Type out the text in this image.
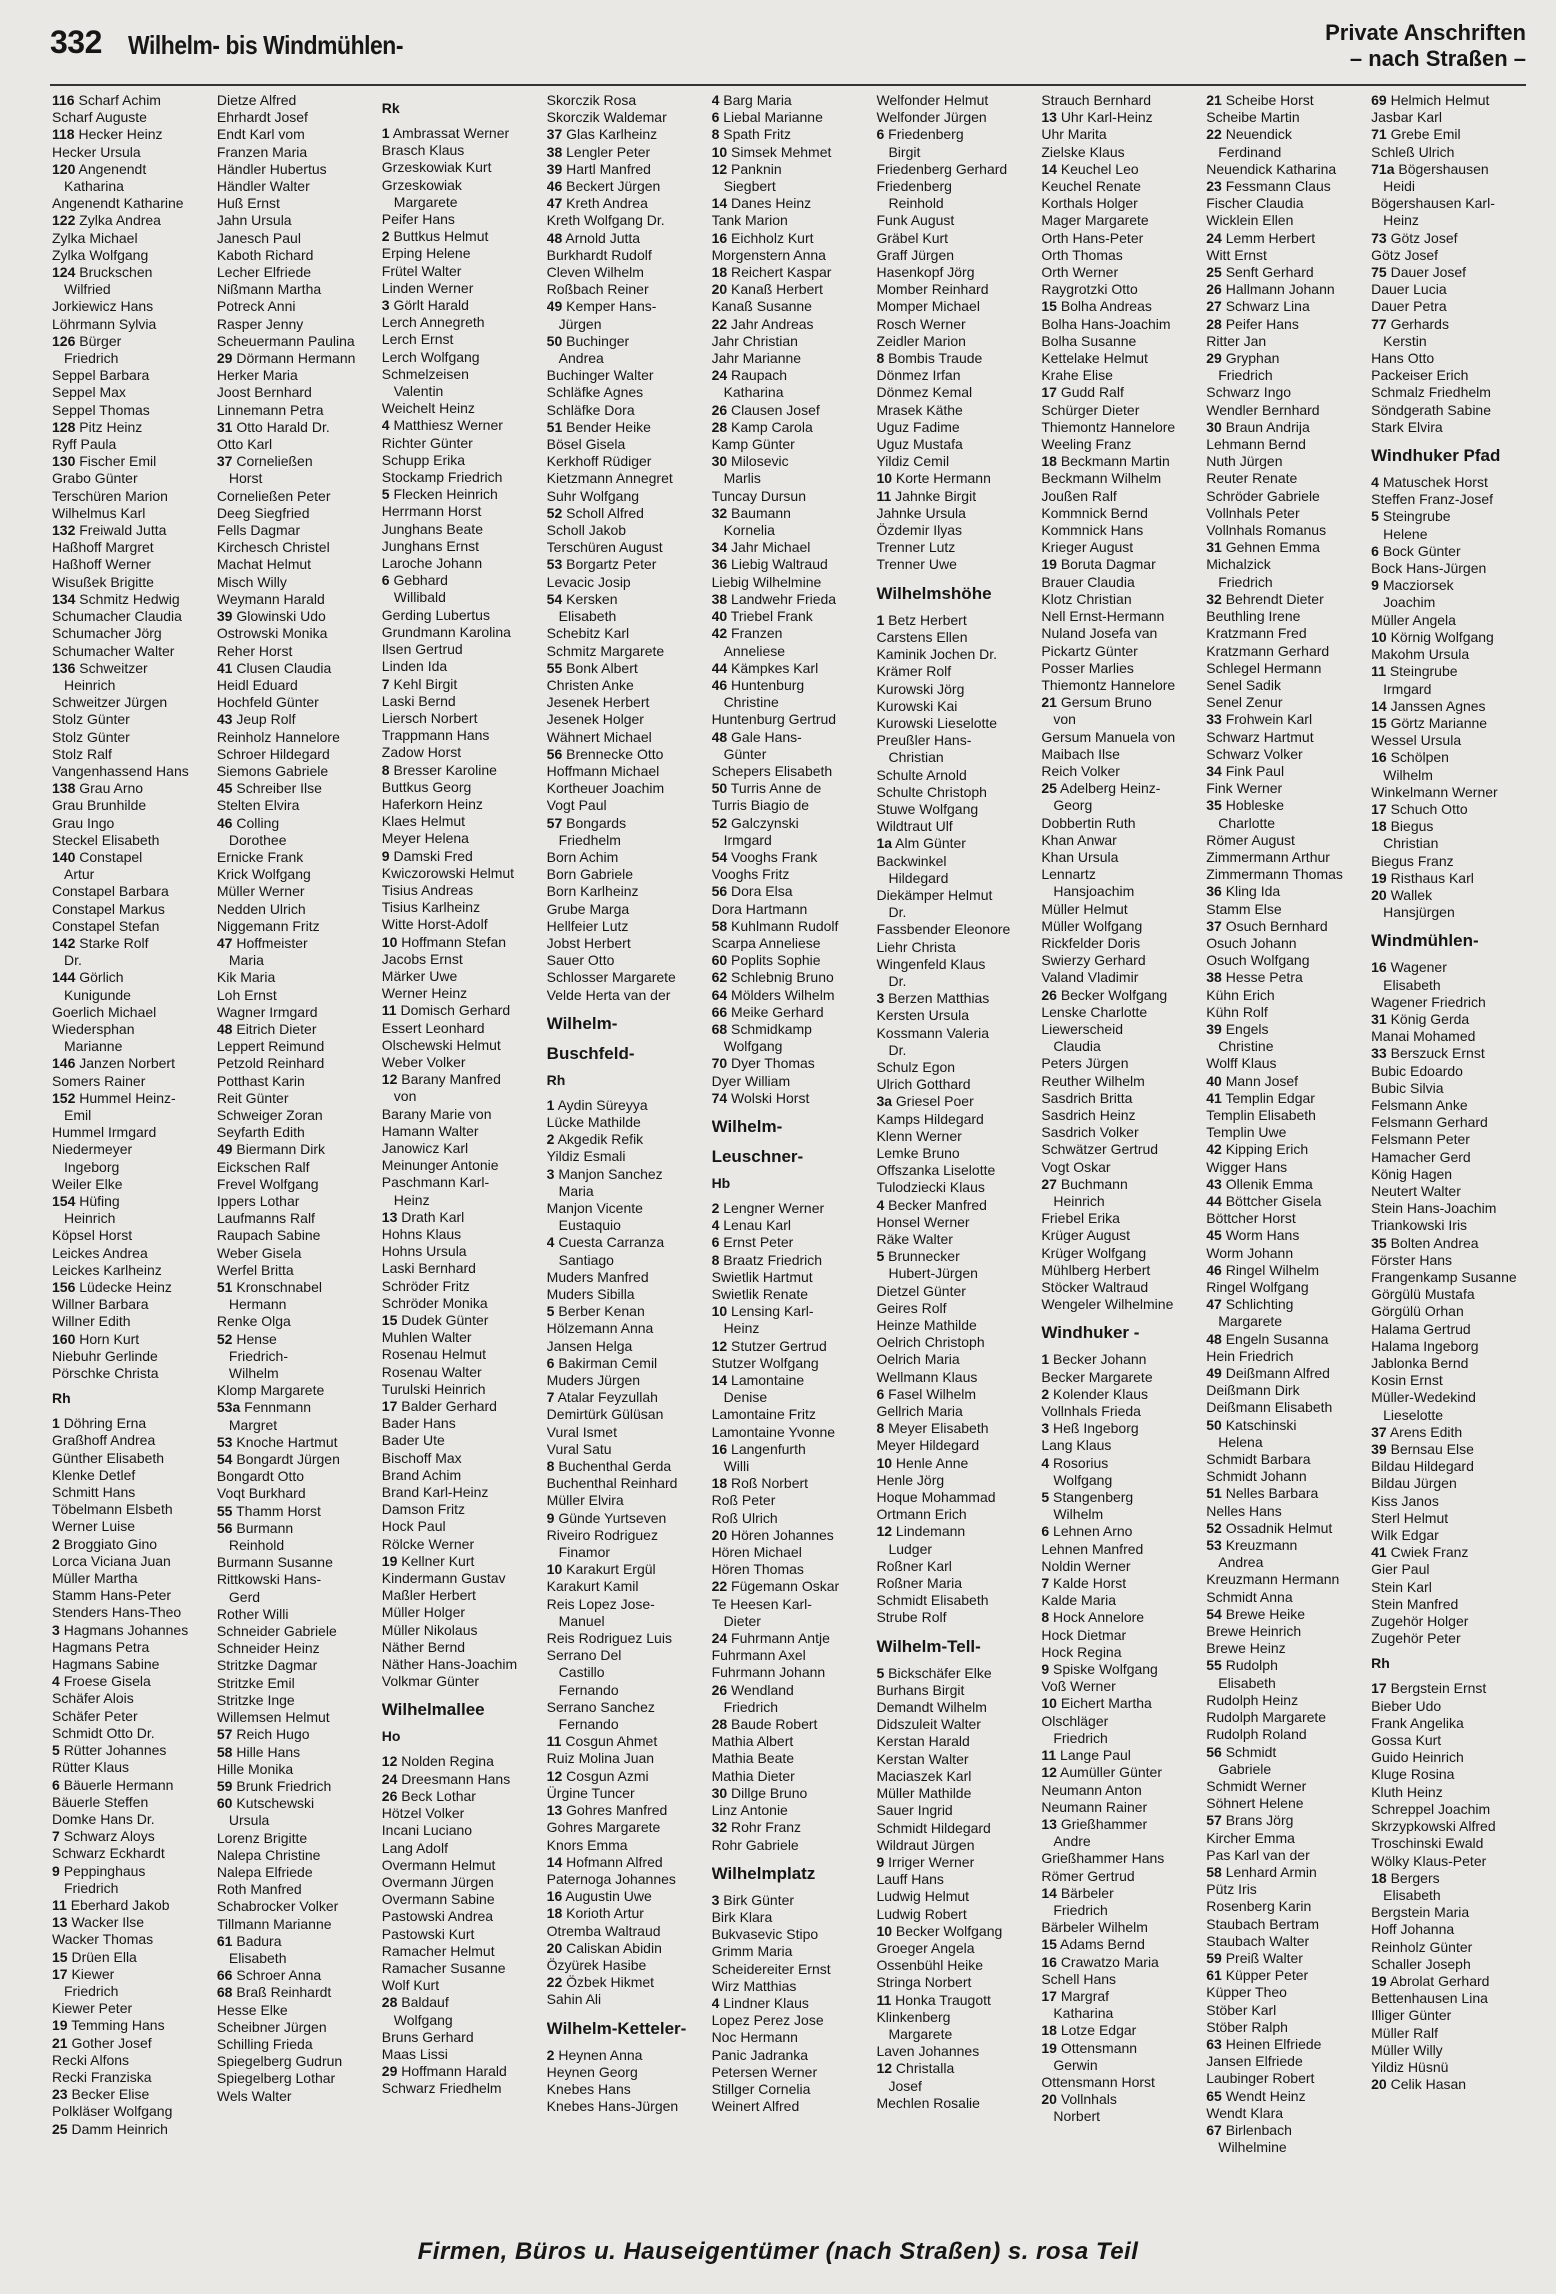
332 Wilhelm- bis Windmühlen-	Private Anschriften
– nach Straßen –
116 Scharf Achim
Scharf Auguste
118 Hecker Heinz
Hecker Ursula
120 Angenendt
Katharina
Angenendt Katharine
122 Zylka Andrea
Zylka Michael
Zylka Wolfgang
124 Brucksch​en
Wilfried
Jorkiewicz Hans
Löhrmann Sylvia
126 Bürger
Friedrich
Seppel Barbara
Seppel Max
Seppel Thomas
128 Pitz Heinz
Ryff Paula
130 Fischer Emil
Grabo Günter
Terschüren Marion
Wilhelmus Karl
132 Freiwald Jutta
Haßhoff Margret
Haßhoff Werner
Wisußek Brigitte
134 Schmitz Hedwig
Schumacher Claudia
Schumacher Jörg
Schumacher Walter
136 Schweitzer
Heinrich
Schweitzer Jürgen
Stolz Günter
Stolz Günter
Stolz Ralf
Vangenhassend Hans
138 Grau Arno
Grau Brunhilde
Grau Ingo
Steckel Elisabeth
140 Constapel
Artur
Constapel Barbara
Constapel Markus
Constapel Stefan
142 Starke Rolf
Dr.
144 Görlich
Kunigunde
Goerlich Michael
Wiedersphan
Marianne
146 Janzen Norbert
Somers Rainer
152 Hummel Heinz-
Emil
Hummel Irmgard
Niedermeyer
Ingeborg
Weiler Elke
154 Hüfing
Heinrich
Köpsel Horst
Leickes Andrea
Leickes Karlheinz
156 Lüdecke Heinz
Willner Barbara
Willner Edith
160 Horn Kurt
Niebuhr Gerlinde
Pörschke Christa
Rh
1 Döhring Erna
Graßhoff Andrea
Günther Elisabeth
Klenke Detlef
Schmitt Hans
Töbelmann Elsbeth
Werner Luise
2 Broggiato Gino
Lorca Viciana Juan
Müller Martha
Stamm Hans-Peter
Stenders Hans-Theo
3 Hagmans Johannes
Hagmans Petra
Hagmans Sabine
4 Froese Gisela
Schäfer Alois
Schäfer Peter
Schmidt Otto Dr.
5 Rütter Johannes
Rütter Klaus
6 Bäuerle Hermann
Bäuerle Steffen
Domke Hans Dr.
7 Schwarz Aloys
Schwarz Eckhardt
9 Peppinghaus
Friedrich
11 Eberhard Jakob
13 Wacker Ilse
Wacker Thomas
15 Drüen Ella
17 Kiewer
Friedrich
Kiewer Peter
19 Temming Hans
21 Gother Josef
Recki Alfons
Recki Franziska
23 Becker Elise
Polkläser Wolfgang
25 Damm Heinrich
Dietze Alfred
Ehrhardt Josef
Endt Karl vom
Franzen Maria
Händler Hubertus
Händler Walter
Huß Ernst
Jahn Ursula
Janesch Paul
Kaboth Richard
Lecher Elfriede
Nißmann Martha
Potreck Anni
Rasper Jenny
Scheuermann Paulina
29 Dörmann Hermann
Herker Maria
Joost Bernhard
Linnemann Petra
31 Otto Harald Dr.
Otto Karl
37 Corneließen
Horst
Corneließen Peter
Deeg Siegfried
Fells Dagmar
Kirchesch Christel
Machat Helmut
Misch Willy
Weymann Harald
39 Glowinski Udo
Ostrowski Monika
Reher Horst
41 Clusen Claudia
Heidl Eduard
Hochfeld Günter
43 Jeup Rolf
Reinholz Hannelore
Schroer Hildegard
Siemons Gabriele
45 Schreiber Ilse
Stelten Elvira
46 Colling
Dorothee
Ernicke Frank
Krick Wolfgang
Müller Werner
Nedden Ulrich
Niggemann Fritz
47 Hoffmeister
Maria
Kik Maria
Loh Ernst
Wagner Irmgard
48 Eitrich Dieter
Leppert Reimund
Petzold Reinhard
Potthast Karin
Reit Günter
Schweiger Zoran
Seyfarth Edith
49 Biermann Dirk
Eickschen Ralf
Frevel Wolfgang
Ippers Lothar
Laufmanns Ralf
Raupach Sabine
Weber Gisela
Werfel Britta
51 Kronschnabel
Hermann
Renke Olga
52 Hense
Friedrich-
Wilhelm
Klomp Margarete
53a Fennmann
Margret
53 Knoche Hartmut
54 Bongardt Jürgen
Bongardt Otto
Voqt Burkhard
55 Thamm Horst
56 Burmann
Reinhold
Burmann Susanne
Rittkowski Hans-
Gerd
Rother Willi
Schneider Gabriele
Schneider Heinz
Stritzke Dagmar
Stritzke Emil
Stritzke Inge
Willemsen Helmut
57 Reich Hugo
58 Hille Hans
Hille Monika
59 Brunk Friedrich
60 Kutschewski
Ursula
Lorenz Brigitte
Nalepa Christine
Nalepa Elfriede
Roth Manfred
Schabrocker Volker
Tillmann Marianne
61 Badura
Elisabeth
66 Schroer Anna
68 Braß Reinhardt
Hesse Elke
Scheibner Jürgen
Schilling Frieda
Spiegelberg Gudrun
Spiegelberg Lothar
Wels Walter
Rk
1 Ambrassat Werner
Brasch Klaus
Grzeskowiak Kurt
Grzeskowiak
Margarete
Peifer Hans
2 Buttkus Helmut
Erping Helene
Frütel Walter
Linden Werner
3 Görlt Harald
Lerch Annegreth
Lerch Ernst
Lerch Wolfgang
Schmelzeisen
Valentin
Weichelt Heinz
4 Matthiesz Werner
Richter Günter
Schupp Erika
Stockamp Friedrich
5 Flecken Heinrich
Herrmann Horst
Junghans Beate
Junghans Ernst
Laroche Johann
6 Gebhard
Willibald
Gerding Lubertus
Grundmann Karolina
Ilsen Gertrud
Linden Ida
7 Kehl Birgit
Laski Bernd
Liersch Norbert
Trappmann Hans
Zadow Horst
8 Bresser Karoline
Buttkus Georg
Haferkorn Heinz
Klaes Helmut
Meyer Helena
9 Damski Fred
Kwiczorowski Helmut
Tisius Andreas
Tisius Karlheinz
Witte Horst-Adolf
10 Hoffmann Stefan
Jacobs Ernst
Märker Uwe
Werner Heinz
11 Domisch Gerhard
Essert Leonhard
Olschewski Helmut
Weber Volker
12 Barany Manfred
von
Barany Marie von
Hamann Walter
Janowicz Karl
Meinunger Antonie
Paschmann Karl-
Heinz
13 Drath Karl
Hohns Klaus
Hohns Ursula
Laski Bernhard
Schröder Fritz
Schröder Monika
15 Dudek Günter
Muhlen Walter
Rosenau Helmut
Rosenau Walter
Turulski Heinrich
17 Balder Gerhard
Bader Hans
Bader Ute
Bischoff Max
Brand Achim
Brand Karl-Heinz
Damson Fritz
Hock Paul
Rölcke Werner
19 Kellner Kurt
Kindermann Gustav
Maßler Herbert
Müller Holger
Müller Nikolaus
Näther Bernd
Näther Hans-Joachim
Volkmar Günter
Wilhelmallee
Ho
12 Nolden Regina
24 Dreesmann Hans
26 Beck Lothar
Hötzel Volker
Incani Luciano
Lang Adolf
Overmann Helmut
Overmann Jürgen
Overmann Sabine
Pastowski Andrea
Pastowski Kurt
Ramacher Helmut
Ramacher Susanne
Wolf Kurt
28 Baldauf
Wolfgang
Bruns Gerhard
Maas Lissi
29 Hoffmann Harald
Schwarz Friedhelm
Skorczik Rosa
Skorczik Waldemar
37 Glas Karlheinz
38 Lengler Peter
39 Hartl Manfred
46 Beckert Jürgen
47 Kreth Andrea
Kreth Wolfgang Dr.
48 Arnold Jutta
Burkhardt Rudolf
Cleven Wilhelm
Roßbach Reiner
49 Kemper Hans-
Jürgen
50 Buchinger
Andrea
Buchinger Walter
Schläfke Agnes
Schläfke Dora
51 Bender Heike
Bösel Gisela
Kerkhoff Rüdiger
Kietzmann Annegret
Suhr Wolfgang
52 Scholl Alfred
Scholl Jakob
Terschüren August
53 Borgartz Peter
Levacic Josip
54 Kersken
Elisabeth
Schebitz Karl
Schmitz Margarete
55 Bonk Albert
Christen Anke
Jesenek Herbert
Jesenek Holger
Wähnert Michael
56 Brennecke Otto
Hoffmann Michael
Kortheuer Joachim
Vogt Paul
57 Bongards
Friedhelm
Born Achim
Born Gabriele
Born Karlheinz
Grube Marga
Hellfeier Lutz
Jobst Herbert
Sauer Otto
Schlosser Margarete
Velde Herta van der
Wilhelm-
Buschfeld-
Rh
1 Aydin Süreyya
Lücke Mathilde
2 Akgedik Refik
Yildiz Esmali
3 Manjon Sanchez
Maria
Manjon Vicente
Eustaquio
4 Cuesta Carranza
Santiago
Muders Manfred
Muders Sibilla
5 Berber Kenan
Hölzemann Anna
Jansen Helga
6 Bakirman Cemil
Muders Jürgen
7 Atalar Feyzullah
Demirtürk Gülüsan
Vural Ismet
Vural Satu
8 Buchenthal Gerda
Buchenthal Reinhard
Müller Elvira
9 Günde Yurtseven
Riveiro Rodriguez
Finamor
10 Karakurt Ergül
Karakurt Kamil
Reis Lopez Jose-
Manuel
Reis Rodriguez Luis
Serrano Del
Castillo
Fernando
Serrano Sanchez
Fernando
11 Cosgun Ahmet
Ruiz Molina Juan
12 Cosgun Azmi
Ürgine Tuncer
13 Gohres Manfred
Gohres Margarete
Knors Emma
14 Hofmann Alfred
Paternoga Johannes
16 Augustin Uwe
18 Korioth Artur
Otremba Waltraud
20 Caliskan Abidin
Özyürek Hasibe
22 Özbek Hikmet
Sahin Ali
Wilhelm-Ketteler-
2 Heynen Anna
Heynen Georg
Knebes Hans
Knebes Hans-Jürgen
4 Barg Maria
6 Liebal Marianne
8 Spath Fritz
10 Simsek Mehmet
12 Panknin
Siegbert
14 Danes Heinz
Tank Marion
16 Eichholz Kurt
Morgenstern Anna
18 Reichert Kaspar
20 Kanaß Herbert
Kanaß Susanne
22 Jahr Andreas
Jahr Christian
Jahr Marianne
24 Raupach
Katharina
26 Clausen Josef
28 Kamp Carola
Kamp Günter
30 Milosevic
Marlis
Tuncay Dursun
32 Baumann
Kornelia
34 Jahr Michael
36 Liebig Waltraud
Liebig Wilhelmine
38 Landwehr Frieda
40 Triebel Frank
42 Franzen
Anneliese
44 Kämpkes Karl
46 Huntenburg
Christine
Huntenburg Gertrud
48 Gale Hans-
Günter
Schepers Elisabeth
50 Turris Anne de
Turris Biagio de
52 Galczynski
Irmgard
54 Vooghs Frank
Vooghs Fritz
56 Dora Elsa
Dora Hartmann
58 Kuhlmann Rudolf
Scarpa Anneliese
60 Poplits Sophie
62 Schlebnig Bruno
64 Mölders Wilhelm
66 Meike Gerhard
68 Schmidkamp
Wolfgang
70 Dyer Thomas
Dyer William
74 Wolski Horst
Wilhelm-
Leuschner-
Hb
2 Lengner Werner
4 Lenau Karl
6 Ernst Peter
8 Braatz Friedrich
Swietlik Hartmut
Swietlik Renate
10 Lensing Karl-
Heinz
12 Stutzer Gertrud
Stutzer Wolfgang
14 Lamontaine
Denise
Lamontaine Fritz
Lamontaine Yvonne
16 Langenfurth
Willi
18 Roß Norbert
Roß Peter
Roß Ulrich
20 Hören Johannes
Hören Michael
Hören Thomas
22 Fügemann Oskar
Te Heesen Karl-
Dieter
24 Fuhrmann Antje
Fuhrmann Axel
Fuhrmann Johann
26 Wendland
Friedrich
28 Baude Robert
Mathia Albert
Mathia Beate
Mathia Dieter
30 Dillge Bruno
Linz Antonie
32 Rohr Franz
Rohr Gabriele
Wilhelmplatz
3 Birk Günter
Birk Klara
Bukvasevic Stipo
Grimm Maria
Scheidereiter Ernst
Wirz Matthias
4 Lindner Klaus
Lopez Perez Jose
Noc Hermann
Panic Jadranka
Petersen Werner
Stillger Cornelia
Weinert Alfred
Welfonder Helmut
Welfonder Jürgen
6 Friedenberg
Birgit
Friedenberg Gerhard
Friedenberg
Reinhold
Funk August
Gräbel Kurt
Graff Jürgen
Hasenkopf Jörg
Momber Reinhard
Momper Michael
Rosch Werner
Zeidler Marion
8 Bombis Traude
Dönmez Irfan
Dönmez Kemal
Mrasek Käthe
Uguz Fadime
Uguz Mustafa
Yildiz Cemil
10 Korte Hermann
11 Jahnke Birgit
Jahnke Ursula
Özdemir Ilyas
Trenner Lutz
Trenner Uwe
Wilhelmshöhe
1 Betz Herbert
Carstens Ellen
Kaminik Jochen Dr.
Krämer Rolf
Kurowski Jörg
Kurowski Kai
Kurowski Lieselotte
Preußler Hans-
Christian
Schulte Arnold
Schulte Christoph
Stuwe Wolfgang
Wildtraut Ulf
1a Alm Günter
Backwinkel
Hildegard
Diekämper Helmut
Dr.
Fassbender Eleonore
Liehr Christa
Wingenfeld Klaus
Dr.
3 Berzen Matthias
Kersten Ursula
Kossmann Valeria
Dr.
Schulz Egon
Ulrich Gotthard
3a Griesel Poer
Kamps Hildegard
Klenn Werner
Lemke Bruno
Offszanka Liselotte
Tulodziecki Klaus
4 Becker Manfred
Honsel Werner
Räke Walter
5 Brunnecker
Hubert-Jürgen
Dietzel Günter
Geires Rolf
Heinze Mathilde
Oelrich Christoph
Oelrich Maria
Wellmann Klaus
6 Fasel Wilhelm
Gellrich Maria
8 Meyer Elisabeth
Meyer Hildegard
10 Henle Anne
Henle Jörg
Hoque Mohammad
Ortmann Erich
12 Lindemann
Ludger
Roßner Karl
Roßner Maria
Schmidt Elisabeth
Strube Rolf
Wilhelm-Tell-
5 Bickschäfer Elke
Burhans Birgit
Demandt Wilhelm
Didszuleit Walter
Kerstan Harald
Kerstan Walter
Maciaszek Karl
Müller Mathilde
Sauer Ingrid
Schmidt Hildegard
Wildraut Jürgen
9 Irriger Werner
Lauff Hans
Ludwig Helmut
Ludwig Robert
10 Becker Wolfgang
Groeger Angela
Ossenbühl Heike
Stringa Norbert
11 Honka Traugott
Klinkenberg
Margarete
Laven Johannes
12 Christalla
Josef
Mechlen Rosalie
Strauch Bernhard
13 Uhr Karl-Heinz
Uhr Marita
Zielske Klaus
14 Keuchel Leo
Keuchel Renate
Korthals Holger
Mager Margarete
Orth Hans-Peter
Orth Thomas
Orth Werner
Raygrotzki Otto
15 Bolha Andreas
Bolha Hans-Joachim
Bolha Susanne
Kettelake Helmut
Krahe Elise
17 Gudd Ralf
Schürger Dieter
Thiemontz Hannelore
Weeling Franz
18 Beckmann Martin
Beckmann Wilhelm
Joußen Ralf
Kommnick Bernd
Kommnick Hans
Krieger August
19 Boruta Dagmar
Brauer Claudia
Klotz Christian
Nell Ernst-Hermann
Nuland Josefa van
Pickartz Günter
Posser Marlies
Thiemontz Hannelore
21 Gersum Bruno
von
Gersum Manuela von
Maibach Ilse
Reich Volker
25 Adelberg Heinz-
Georg
Dobbertin Ruth
Khan Anwar
Khan Ursula
Lennartz
Hansjoachim
Müller Helmut
Müller Wolfgang
Rickfelder Doris
Swierzy Gerhard
Valand Vladimir
26 Becker Wolfgang
Lenske Charlotte
Liewerscheid
Claudia
Peters Jürgen
Reuther Wilhelm
Sasdrich Britta
Sasdrich Heinz
Sasdrich Volker
Schwätzer Gertrud
Vogt Oskar
27 Buchmann
Heinrich
Friebel Erika
Krüger August
Krüger Wolfgang
Mühlberg Herbert
Stöcker Waltraud
Wengeler Wilhelmine
Windhuker -
1 Becker Johann
Becker Margarete
2 Kolender Klaus
Vollnhals Frieda
3 Heß Ingeborg
Lang Klaus
4 Rosorius
Wolfgang
5 Stangenberg
Wilhelm
6 Lehnen Arno
Lehnen Manfred
Noldin Werner
7 Kalde Horst
Kalde Maria
8 Hock Annelore
Hock Dietmar
Hock Regina
9 Spiske Wolfgang
Voß Werner
10 Eichert Martha
Olschläger
Friedrich
11 Lange Paul
12 Aumüller Günter
Neumann Anton
Neumann Rainer
13 Grießhammer
Andre
Grießhammer Hans
Römer Gertrud
14 Bärbeler
Friedrich
Bärbeler Wilhelm
15 Adams Bernd
16 Crawatzo Maria
Schell Hans
17 Margraf
Katharina
18 Lotze Edgar
19 Ottensmann
Gerwin
Ottensmann Horst
20 Vollnhals
Norbert
21 Scheibe Horst
Scheibe Martin
22 Neuendick
Ferdinand
Neuendick Katharina
23 Fessmann Claus
Fischer Claudia
Wicklein Ellen
24 Lemm Herbert
Witt Ernst
25 Senft Gerhard
26 Hallmann Johann
27 Schwarz Lina
28 Peifer Hans
Ritter Jan
29 Gryphan
Friedrich
Schwarz Ingo
Wendler Bernhard
30 Braun Andrija
Lehmann Bernd
Nuth Jürgen
Reuter Renate
Schröder Gabriele
Vollnhals Peter
Vollnhals Romanus
31 Gehnen Emma
Michalzick
Friedrich
32 Behrendt Dieter
Beuthling Irene
Kratzmann Fred
Kratzmann Gerhard
Schlegel Hermann
Senel Sadik
Senel Zenur
33 Frohwein Karl
Schwarz Hartmut
Schwarz Volker
34 Fink Paul
Fink Werner
35 Hobleske
Charlotte
Römer August
Zimmermann Arthur
Zimmermann Thomas
36 Kling Ida
Stamm Else
37 Osuch Bernhard
Osuch Johann
Osuch Wolfgang
38 Hesse Petra
Kühn Erich
Kühn Rolf
39 Engels
Christine
Wolff Klaus
40 Mann Josef
41 Templin Edgar
Templin Elisabeth
Templin Uwe
42 Kipping Erich
Wigger Hans
43 Ollenik Emma
44 Böttcher Gisela
Böttcher Horst
45 Worm Hans
Worm Johann
46 Ringel Wilhelm
Ringel Wolfgang
47 Schlichting
Margarete
48 Engeln Susanna
Hein Friedrich
49 Deißmann Alfred
Deißmann Dirk
Deißmann Elisabeth
50 Katschinski
Helena
Schmidt Barbara
Schmidt Johann
51 Nelles Barbara
Nelles Hans
52 Ossadnik Helmut
53 Kreuzmann
Andrea
Kreuzmann Hermann
Schmidt Anna
54 Brewe Heike
Brewe Heinrich
Brewe Heinz
55 Rudolph
Elisabeth
Rudolph Heinz
Rudolph Margarete
Rudolph Roland
56 Schmidt
Gabriele
Schmidt Werner
Söhnert Helene
57 Brans Jörg
Kircher Emma
Pas Karl van der
58 Lenhard Armin
Pütz Iris
Rosenberg Karin
Staubach Bertram
Staubach Walter
59 Preiß Walter
61 Küpper Peter
Küpper Theo
Stöber Karl
Stöber Ralph
63 Heinen Elfriede
Jansen Elfriede
Laubinger Robert
65 Wendt Heinz
Wendt Klara
67 Birlenbach
Wilhelmine
69 Helmich Helmut
Jasbar Karl
71 Grebe Emil
Schleß Ulrich
71a Bögershausen
Heidi
Bögershausen Karl-
Heinz
73 Götz Josef
Götz Josef
75 Dauer Josef
Dauer Lucia
Dauer Petra
77 Gerhards
Kerstin
Hans Otto
Packeiser Erich
Schmalz Friedhelm
Söndgerath Sabine
Stark Elvira
Windhuker Pfad
4 Matuschek Horst
Steffen Franz-Josef
5 Steingrube
Helene
6 Bock Günter
Bock Hans-Jürgen
9 Macziorsek
Joachim
Müller Angela
10 Körnig Wolfgang
Makohm Ursula
11 Steingrube
Irmgard
14 Janssen Agnes
15 Görtz Marianne
Wessel Ursula
16 Schölpen
Wilhelm
Winkelmann Werner
17 Schuch Otto
18 Biegus
Christian
Biegus Franz
19 Risthaus Karl
20 Wallek
Hansjürgen
Windmühlen-
16 Wagener
Elisabeth
Wagener Friedrich
31 König Gerda
Manai Mohamed
33 Berszuck Ernst
Bubic Edoardo
Bubic Silvia
Felsmann Anke
Felsmann Gerhard
Felsmann Peter
Hamacher Gerd
König Hagen
Neutert Walter
Stein Hans-Joachim
Triankowski Iris
35 Bolten Andrea
Förster Hans
Frangenkamp Susanne
Görgülü Mustafa
Görgülü Orhan
Halama Gertrud
Halama Ingeborg
Jablonka Bernd
Kosin Ernst
Müller-Wedekind
Lieselotte
37 Arens Edith
39 Bernsau Else
Bildau Hildegard
Bildau Jürgen
Kiss Janos
Sterl Helmut
Wilk Edgar
41 Cwiek Franz
Gier Paul
Stein Karl
Stein Manfred
Zugehör Holger
Zugehör Peter
Rh
17 Bergstein Ernst
Bieber Udo
Frank Angelika
Gossa Kurt
Guido Heinrich
Kluge Rosina
Kluth Heinz
Schreppel Joachim
Skrzypkowski Alfred
Troschinski Ewald
Wölky Klaus-Peter
18 Bergers
Elisabeth
Bergstein Maria
Hoff Johanna
Reinholz Günter
Schaller Joseph
19 Abrolat Gerhard
Bettenhausen Lina
Illiger Günter
Müller Ralf
Müller Willy
Yildiz Hüsnü
20 Celik Hasan
Firmen, Büros u. Hauseigentümer (nach Straßen) s. rosa Teil
